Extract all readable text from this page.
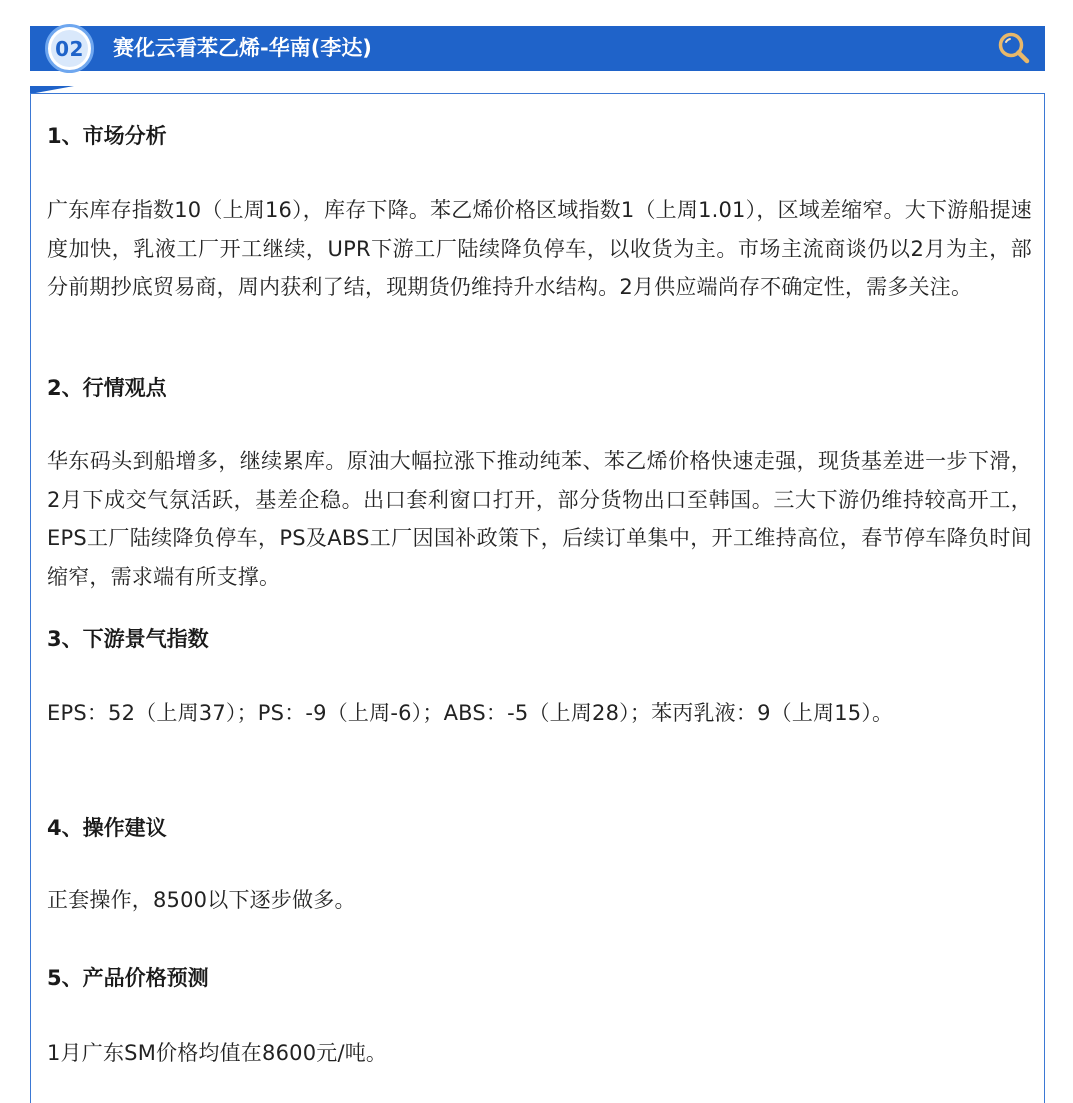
02 赛化云看苯乙烯-华南(李达)
1、市场分析
广东库存指数10（上周16），库存下降。苯乙烯价格区域指数1（上周1.01），区域差缩窄。大下游船提速度加快，乳液工厂开工继续，UPR下游工厂陆续降负停车，以收货为主。市场主流商谈仍以2月为主，部分前期抄底贸易商，周内获利了结，现期货仍维持升水结构。2月供应端尚存不确定性，需多关注。
2、行情观点
华东码头到船增多，继续累库。原油大幅拉涨下推动纯苯、苯乙烯价格快速走强，现货基差进一步下滑，2月下成交气氛活跃，基差企稳。出口套利窗口打开，部分货物出口至韩国。三大下游仍维持较高开工，EPS工厂陆续降负停车，PS及ABS工厂因国补政策下，后续订单集中，开工维持高位，春节停车降负时间缩窄，需求端有所支撑。
3、下游景气指数
EPS：52（上周37）；PS：-9（上周-6）；ABS：-5（上周28）；苯丙乳液：9（上周15）。
4、操作建议
正套操作，8500以下逐步做多。
5、产品价格预测
1月广东SM价格均值在8600元/吨。
